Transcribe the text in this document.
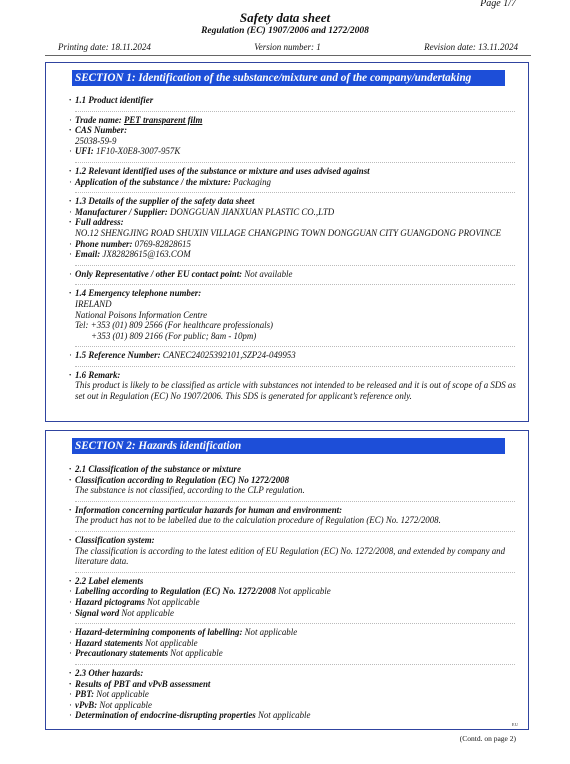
Page 1/7
Safety data sheet
Regulation (EC) 1907/2006 and 1272/2008
Printing date: 18.11.2024	Version number: 1	Revision date: 13.11.2024
SECTION 1: Identification of the substance/mixture and of the company/undertaking
· 1.1 Product identifier
· Trade name: PET transparent film
· CAS Number:
25038-59-9
· UFI: 1F10-X0E8-3007-957K
· 1.2 Relevant identified uses of the substance or mixture and uses advised against
· Application of the substance / the mixture: Packaging
· 1.3 Details of the supplier of the safety data sheet
· Manufacturer / Supplier: DONGGUAN JIANXUAN PLASTIC CO.,LTD
· Full address:
NO.12 SHENGJING ROAD SHUXIN VILLAGE CHANGPING TOWN DONGGUAN CITY GUANGDONG PROVINCE
· Phone number: 0769-82828615
· Email: JX82828615@163.COM
· Only Representative / other EU contact point: Not available
· 1.4 Emergency telephone number:
IRELAND
National Poisons Information Centre
Tel: +353 (01) 809 2566 (For healthcare professionals)
+353 (01) 809 2166 (For public; 8am - 10pm)
· 1.5 Reference Number: CANEC24025392101,SZP24-049953
· 1.6 Remark:
This product is likely to be classified as article with substances not intended to be released and it is out of scope of a SDS as set out in Regulation (EC) No 1907/2006. This SDS is generated for applicant’s reference only.
SECTION 2: Hazards identification
· 2.1 Classification of the substance or mixture
· Classification according to Regulation (EC) No 1272/2008
The substance is not classified, according to the CLP regulation.
· Information concerning particular hazards for human and environment:
The product has not to be labelled due to the calculation procedure of Regulation (EC) No. 1272/2008.
· Classification system:
The classification is according to the latest edition of EU Regulation (EC) No. 1272/2008, and extended by company and literature data.
· 2.2 Label elements
· Labelling according to Regulation (EC) No. 1272/2008 Not applicable
· Hazard pictograms Not applicable
· Signal word Not applicable
· Hazard-determining components of labelling: Not applicable
· Hazard statements Not applicable
· Precautionary statements Not applicable
· 2.3 Other hazards:
· Results of PBT and vPvB assessment
· PBT: Not applicable
· vPvB: Not applicable
· Determination of endocrine-disrupting properties Not applicable
EU
(Contd. on page 2)
